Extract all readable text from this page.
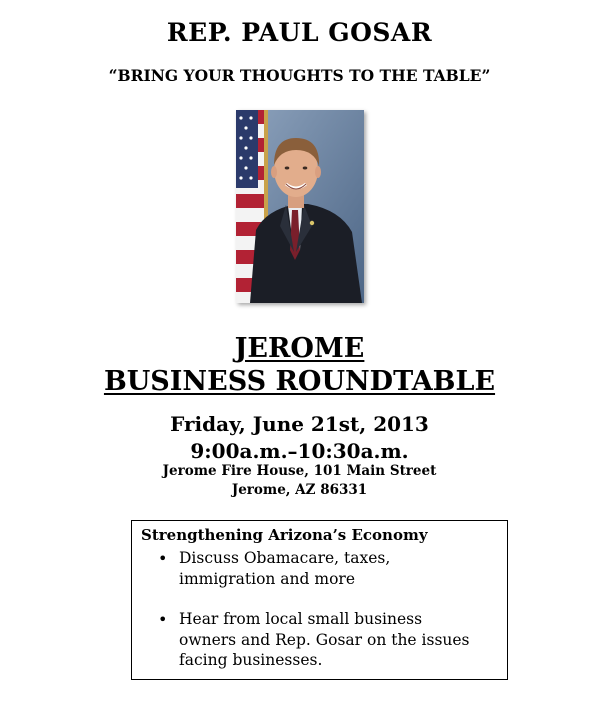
REP. PAUL GOSAR
“BRING YOUR THOUGHTS TO THE TABLE”
JEROME
BUSINESS ROUNDTABLE
Friday, June 21st, 2013
9:00a.m.–10:30a.m.
Jerome Fire House, 101 Main Street
Jerome, AZ 86331
Strengthening Arizona’s Economy
• Discuss Obamacare, taxes,
immigration and more
• Hear from local small business
owners and Rep. Gosar on the issues
facing businesses.
